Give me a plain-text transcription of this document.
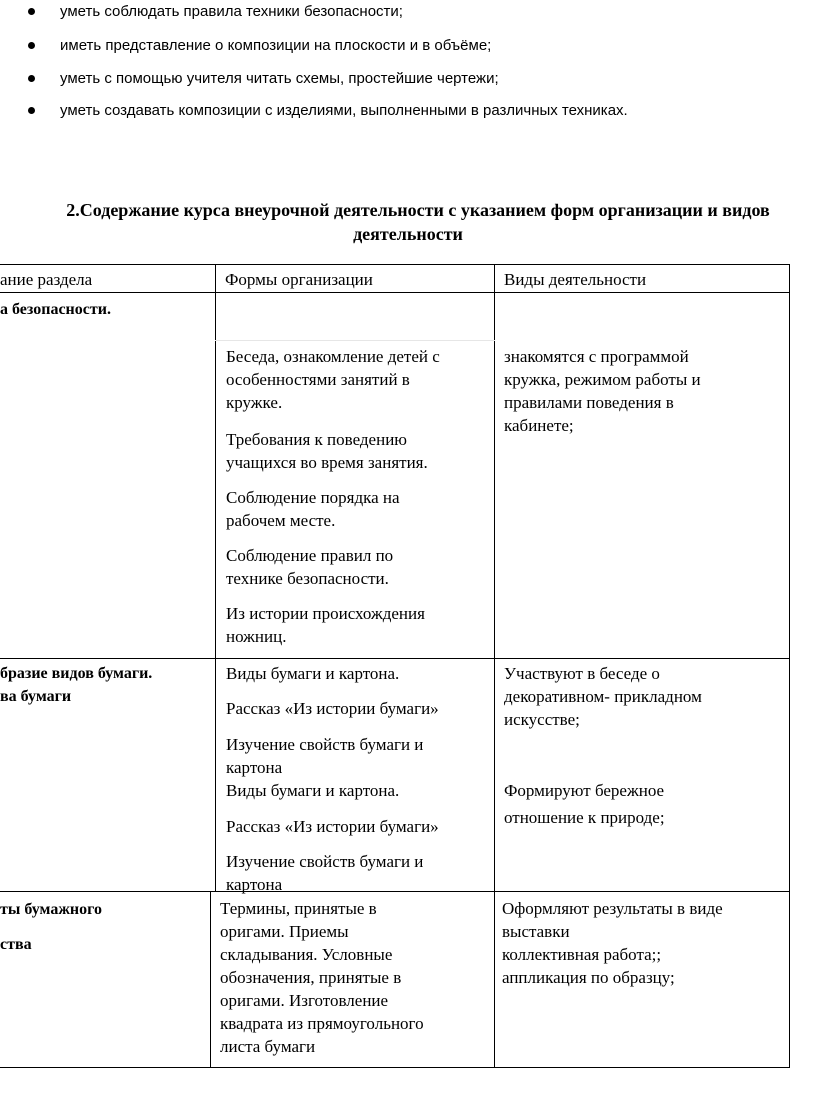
уметь соблюдать правила техники безопасности;
иметь представление о композиции на плоскости и в объёме;
уметь с помощью учителя читать схемы, простейшие чертежи;
уметь создавать композиции с изделиями, выполненными в различных техниках.
2.Содержание курса внеурочной деятельности с указанием форм организации и видов
деятельности
ание раздела	Формы организации	Виды деятельности
а безопасности.
Беседа, ознакомление детей с
особенностями занятий в
кружке.
Требования к поведению
учащихся во время занятия.
Соблюдение порядка на
рабочем месте.
Соблюдение правил по
технике безопасности.
Из истории происхождения
ножниц.
знакомятся с программой
кружка, режимом работы и
правилами поведения в
кабинете;
бразие видов бумаги.
ва бумаги
Виды бумаги и картона.
Рассказ «Из истории бумаги»
Изучение свойств бумаги и
картона
Виды бумаги и картона.
Рассказ «Из истории бумаги»
Изучение свойств бумаги и
картона
Участвуют в беседе о
декоративном- прикладном
искусстве;
Формируют бережное
отношение к природе;
ты бумажного
ства
Термины, принятые в
оригами. Приемы
складывания. Условные
обозначения, принятые в
оригами. Изготовление
квадрата из прямоугольного
листа бумаги
Оформляют результаты в виде
выставки
коллективная работа;;
аппликация по образцу;
